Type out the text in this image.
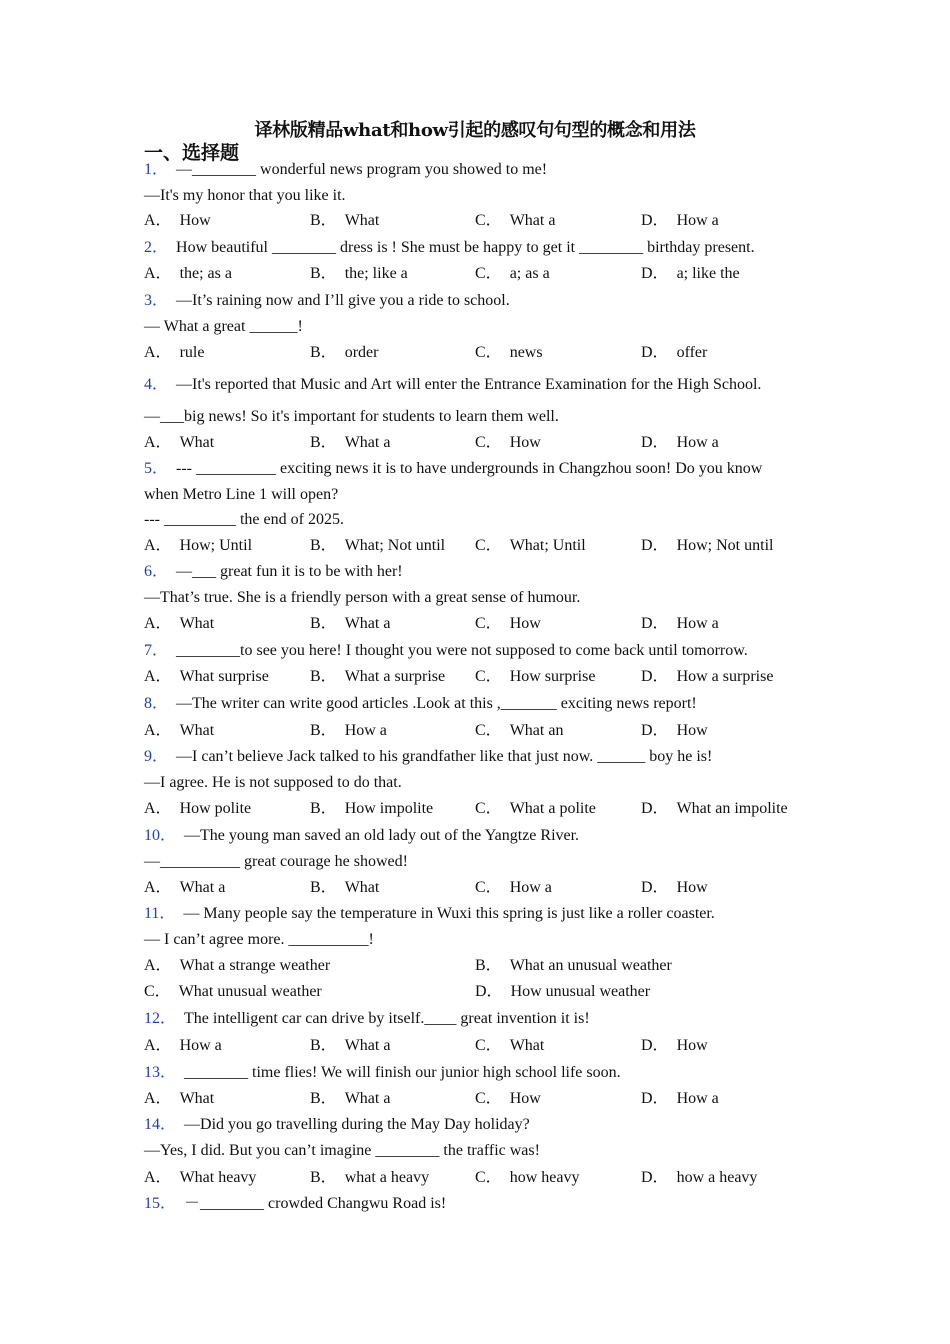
译林版精品what和how引起的感叹句句型的概念和用法
一、选择题
1． —________ wonderful news program you showed to me!
—It's my honor that you like it.
A． How	B． What	C． What a	D． How a
2． How beautiful ________ dress is ! She must be happy to get it ________ birthday present.
A． the; as a	B． the; like a	C． a; as a	D． a; like the
3． —It’s raining now and I’ll give you a ride to school.
— What a great ______!
A． rule	B． order	C． news	D． offer
4． —It's reported that Music and Art will enter the Entrance Examination for the High School.
—___big news! So it's important for students to learn them well.
A． What	B． What a	C． How	D． How a
5． --- __________ exciting news it is to have undergrounds in Changzhou soon! Do you know
when Metro Line 1 will open?
--- _________ the end of 2025.
A． How; Until	B． What; Not until C． What; Until	D． How; Not until
6． —___ great fun it is to be with her!
—That’s true. She is a friendly person with a great sense of humour.
A． What	B． What a	C． How	D． How a
7． ________to see you here! I thought you were not supposed to come back until tomorrow.
A． What surprise	B． What a surprise C． How surprise	D． How a surprise
8． —The writer can write good articles .Look at this ,_______ exciting news report!
A． What	B． How a	C． What an	D． How
9． —I can’t believe Jack talked to his grandfather like that just now. ______ boy he is!
—I agree. He is not supposed to do that.
A． How polite	B． How impolite	C． What a polite	D． What an impolite
10． —The young man saved an old lady out of the Yangtze River.
—__________ great courage he showed!
A． What a	B． What	C． How a	D． How
11． — Many people say the temperature in Wuxi this spring is just like a roller coaster.
— I can’t agree more. __________!
A． What a strange weather	B． What an unusual weather
C． What unusual weather	D． How unusual weather
12． The intelligent car can drive by itself.____ great invention it is!
A． How a	B． What a	C． What	D． How
13． ________ time flies! We will finish our junior high school life soon.
A． What	B． What a	C． How	D． How a
14． —Did you go travelling during the May Day holiday?
—Yes, I did. But you can’t imagine ________ the traffic was!
A． What heavy	B． what a heavy	C． how heavy	D． how a heavy
15． －________ crowded Changwu Road is!
